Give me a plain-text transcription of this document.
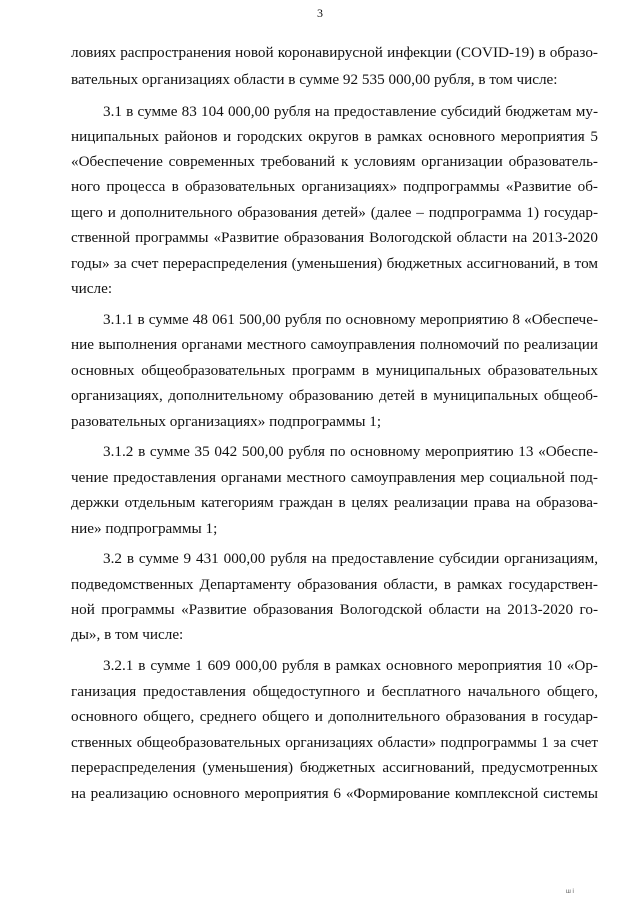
3
ловиях распространения новой коронавирусной инфекции (COVID-19) в образо-
вательных организациях области в сумме 92 535 000,00 рубля, в том числе:
3.1 в сумме 83 104 000,00 рубля на предоставление субсидий бюджетам му-
ниципальных районов и городских округов в рамках основного мероприятия 5
«Обеспечение современных требований к условиям организации образователь-
ного процесса в образовательных организациях» подпрограммы «Развитие об-
щего и дополнительного образования детей» (далее – подпрограмма 1) государ-
ственной программы «Развитие образования Вологодской области на 2013-2020
годы» за счет перераспределения (уменьшения) бюджетных ассигнований, в том
числе:
3.1.1 в сумме 48 061 500,00 рубля по основному мероприятию 8 «Обеспече-
ние выполнения органами местного самоуправления полномочий по реализации
основных общеобразовательных программ в муниципальных образовательных
организациях, дополнительному образованию детей в муниципальных общеоб-
разовательных организациях» подпрограммы 1;
3.1.2 в сумме 35 042 500,00 рубля по основному мероприятию 13 «Обеспе-
чение предоставления органами местного самоуправления мер социальной под-
держки отдельным категориям граждан в целях реализации права на образова-
ние» подпрограммы 1;
3.2 в сумме 9 431 000,00 рубля на предоставление субсидии организациям,
подведомственных Департаменту образования области, в рамках государствен-
ной программы «Развитие образования Вологодской области на 2013-2020 го-
ды», в том числе:
3.2.1 в сумме 1 609 000,00 рубля в рамках основного мероприятия 10 «Ор-
ганизация предоставления общедоступного и бесплатного начального общего,
основного общего, среднего общего и дополнительного образования в государ-
ственных общеобразовательных организациях области» подпрограммы 1 за счет
перераспределения (уменьшения) бюджетных ассигнований, предусмотренных
на реализацию основного мероприятия 6 «Формирование комплексной системы
ш і
